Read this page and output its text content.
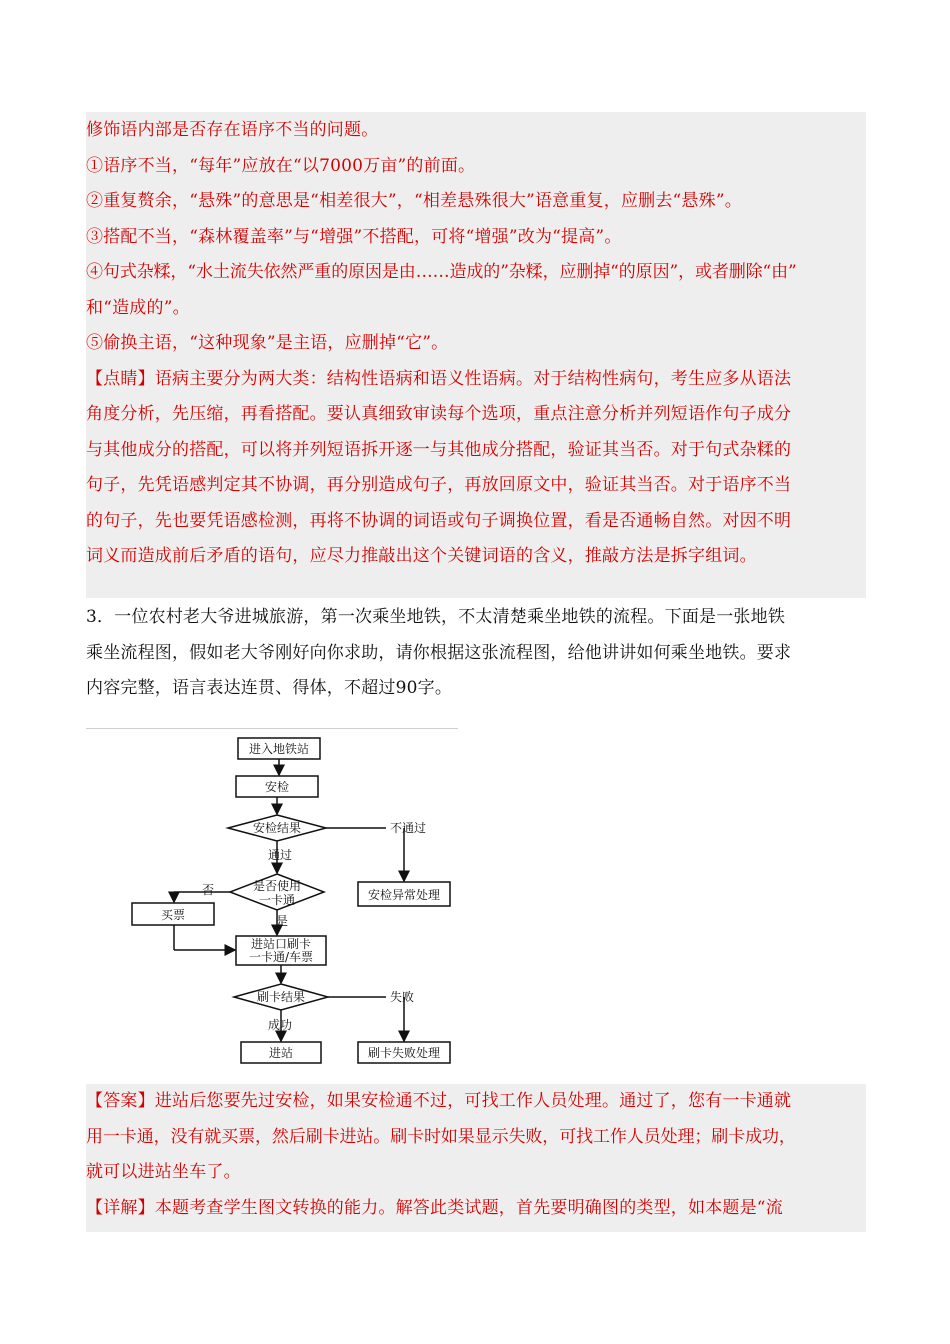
修饰语内部是否存在语序不当的问题。
①语序不当，“每年”应放在“以7000万亩”的前面。
②重复赘余，“悬殊”的意思是“相差很大”，“相差悬殊很大”语意重复，应删去“悬殊”。
③搭配不当，“森林覆盖率”与“增强”不搭配，可将“增强”改为“提高”。
④句式杂糅，“水土流失依然严重的原因是由……造成的”杂糅，应删掉“的原因”，或者删除“由”
和“造成的”。
⑤偷换主语，“这种现象”是主语，应删掉“它”。
【点睛】语病主要分为两大类：结构性语病和语义性语病。对于结构性病句，考生应多从语法
角度分析，先压缩，再看搭配。要认真细致审读每个选项，重点注意分析并列短语作句子成分
与其他成分的搭配，可以将并列短语拆开逐一与其他成分搭配，验证其当否。对于句式杂糅的
句子，先凭语感判定其不协调，再分别造成句子，再放回原文中，验证其当否。对于语序不当
的句子，先也要凭语感检测，再将不协调的词语或句子调换位置，看是否通畅自然。对因不明
词义而造成前后矛盾的语句，应尽力推敲出这个关键词语的含义，推敲方法是拆字组词。
3．一位农村老大爷进城旅游，第一次乘坐地铁，不太清楚乘坐地铁的流程。下面是一张地铁
乘坐流程图，假如老大爷刚好向你求助，请你根据这张流程图，给他讲讲如何乘坐地铁。要求
内容完整，语言表达连贯、得体，不超过90字。
进入地铁站
安检
安检结果	不通过
安检异常处理
通过
是否使用
一卡通
否
是
买票
进站口刷卡
一卡通/车票
刷卡结果	失败
成功
进站	刷卡失败处理
【答案】进站后您要先过安检，如果安检通不过，可找工作人员处理。通过了，您有一卡通就
用一卡通，没有就买票，然后刷卡进站。刷卡时如果显示失败，可找工作人员处理；刷卡成功，
就可以进站坐车了。
【详解】本题考查学生图文转换的能力。解答此类试题，首先要明确图的类型，如本题是“流
